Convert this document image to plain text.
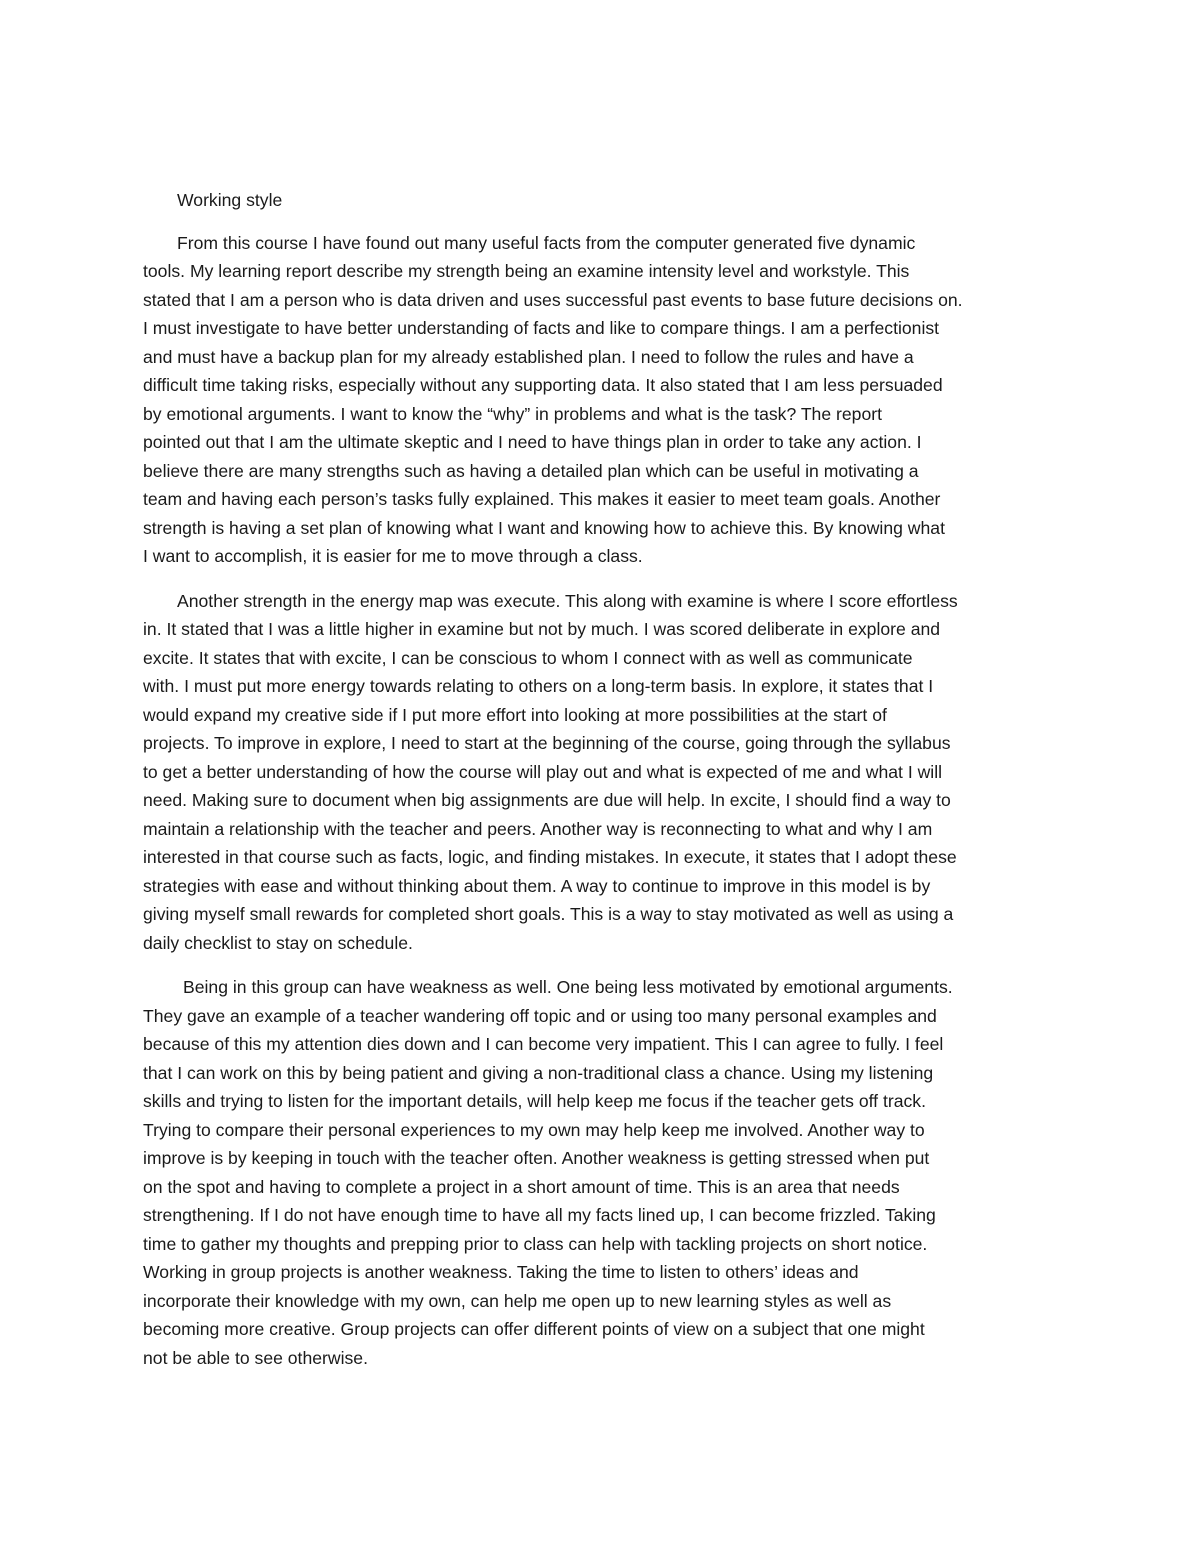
Working style

From this course I have found out many useful facts from the computer generated five dynamic
tools. My learning report describe my strength being an examine intensity level and workstyle. This
stated that I am a person who is data driven and uses successful past events to base future decisions on.
I must investigate to have better understanding of facts and like to compare things. I am a perfectionist
and must have a backup plan for my already established plan. I need to follow the rules and have a
difficult time taking risks, especially without any supporting data. It also stated that I am less persuaded
by emotional arguments. I want to know the “why” in problems and what is the task? The report
pointed out that I am the ultimate skeptic and I need to have things plan in order to take any action. I
believe there are many strengths such as having a detailed plan which can be useful in motivating a
team and having each person’s tasks fully explained. This makes it easier to meet team goals. Another
strength is having a set plan of knowing what I want and knowing how to achieve this. By knowing what
I want to accomplish, it is easier for me to move through a class.

Another strength in the energy map was execute. This along with examine is where I score effortless
in. It stated that I was a little higher in examine but not by much. I was scored deliberate in explore and
excite. It states that with excite, I can be conscious to whom I connect with as well as communicate
with. I must put more energy towards relating to others on a long-term basis. In explore, it states that I
would expand my creative side if I put more effort into looking at more possibilities at the start of
projects. To improve in explore, I need to start at the beginning of the course, going through the syllabus
to get a better understanding of how the course will play out and what is expected of me and what I will
need. Making sure to document when big assignments are due will help. In excite, I should find a way to
maintain a relationship with the teacher and peers. Another way is reconnecting to what and why I am
interested in that course such as facts, logic, and finding mistakes. In execute, it states that I adopt these
strategies with ease and without thinking about them. A way to continue to improve in this model is by
giving myself small rewards for completed short goals. This is a way to stay motivated as well as using a
daily checklist to stay on schedule.

Being in this group can have weakness as well. One being less motivated by emotional arguments.
They gave an example of a teacher wandering off topic and or using too many personal examples and
because of this my attention dies down and I can become very impatient. This I can agree to fully. I feel
that I can work on this by being patient and giving a non-traditional class a chance. Using my listening
skills and trying to listen for the important details, will help keep me focus if the teacher gets off track.
Trying to compare their personal experiences to my own may help keep me involved. Another way to
improve is by keeping in touch with the teacher often. Another weakness is getting stressed when put
on the spot and having to complete a project in a short amount of time. This is an area that needs
strengthening. If I do not have enough time to have all my facts lined up, I can become frizzled. Taking
time to gather my thoughts and prepping prior to class can help with tackling projects on short notice.
Working in group projects is another weakness. Taking the time to listen to others’ ideas and
incorporate their knowledge with my own, can help me open up to new learning styles as well as
becoming more creative. Group projects can offer different points of view on a subject that one might
not be able to see otherwise.
